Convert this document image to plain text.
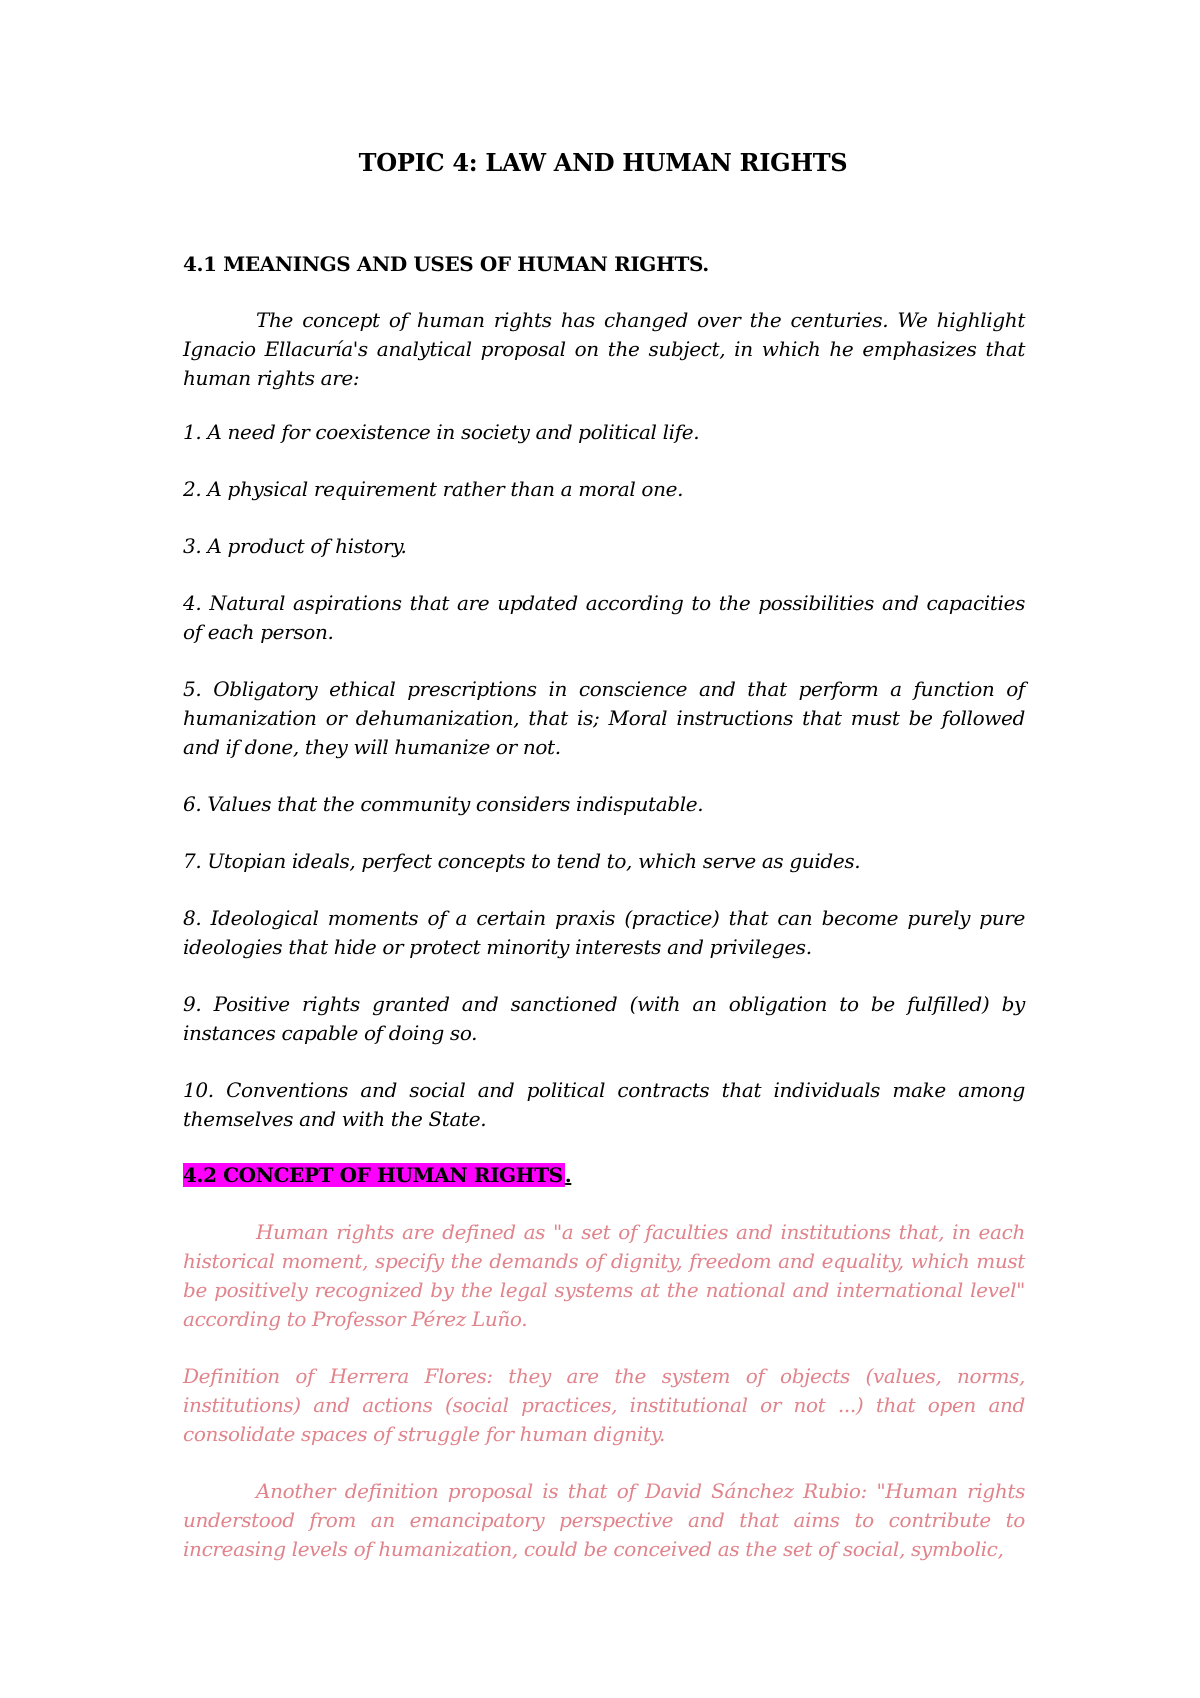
TOPIC 4: LAW AND HUMAN RIGHTS
4.1 MEANINGS AND USES OF HUMAN RIGHTS.
The concept of human rights has changed over the centuries. We highlight Ignacio Ellacuría's analytical proposal on the subject, in which he emphasizes that human rights are:
1. A need for coexistence in society and political life.
2. A physical requirement rather than a moral one.
3. A product of history.
4. Natural aspirations that are updated according to the possibilities and capacities of each person.
5. Obligatory ethical prescriptions in conscience and that perform a function of humanization or dehumanization, that is; Moral instructions that must be followed and if done, they will humanize or not.
6. Values that the community considers indisputable.
7. Utopian ideals, perfect concepts to tend to, which serve as guides.
8. Ideological moments of a certain praxis (practice) that can become purely pure ideologies that hide or protect minority interests and privileges.
9. Positive rights granted and sanctioned (with an obligation to be fulfilled) by instances capable of doing so.
10. Conventions and social and political contracts that individuals make among themselves and with the State.
4.2 CONCEPT OF HUMAN RIGHTS .
Human rights are defined as "a set of faculties and institutions that, in each historical moment, specify the demands of dignity, freedom and equality, which must be positively recognized by the legal systems at the national and international level" according to Professor Pérez Luño.
Definition of Herrera Flores: they are the system of objects (values, norms, institutions) and actions (social practices, institutional or not ...) that open and consolidate spaces of struggle for human dignity.
Another definition proposal is that of David Sánchez Rubio: "Human rights understood from an emancipatory perspective and that aims to contribute to increasing levels of humanization, could be conceived as the set of social, symbolic,
